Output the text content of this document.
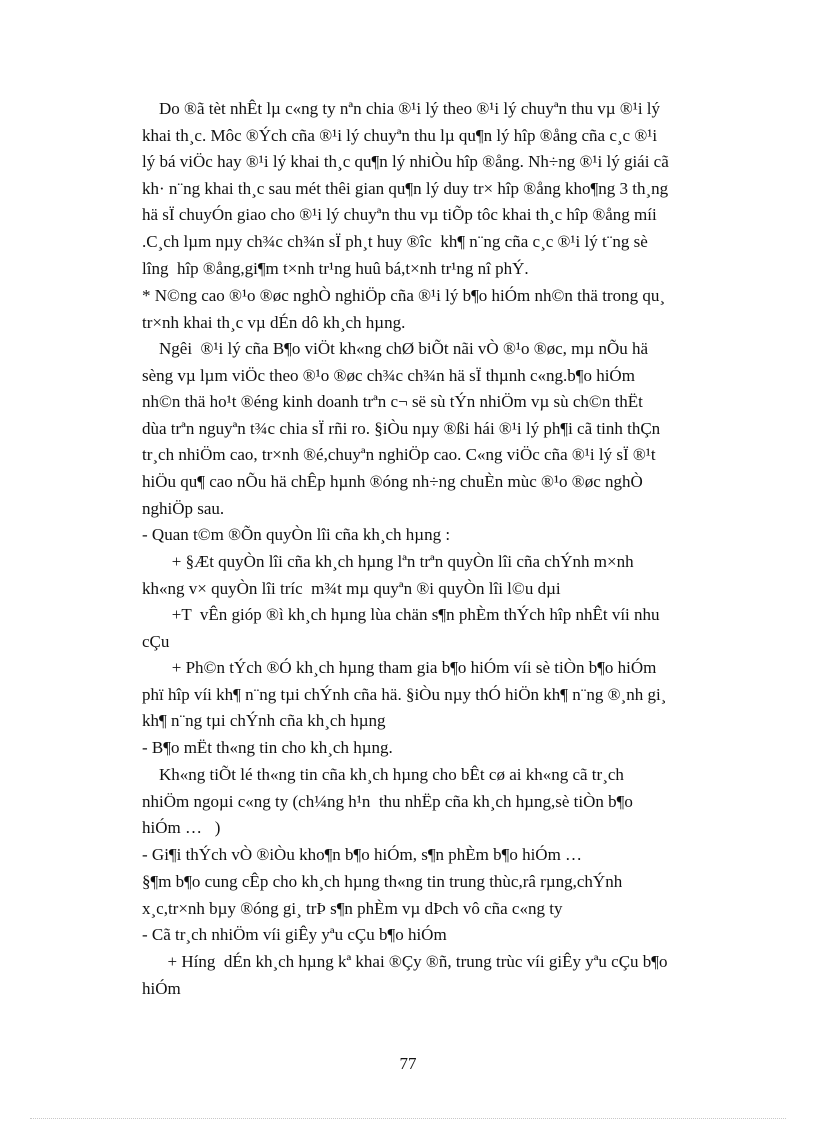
Do ®ã tèt nhÊt lµ c«ng ty nªn chia ®¹i lý theo ®¹i lý chuyªn thu vµ ®¹i lý
khai th¸c. Môc ®Ých cña ®¹i lý chuyªn thu lµ qu¶n lý hîp ®ång cña c¸c ®¹i
lý bá viÖc hay ®¹i lý khai th¸c qu¶n lý nhiÒu hîp ®ång. Nh÷ng ®¹i lý giái cã
kh· n¨ng khai th¸c sau mét thêi gian qu¶n lý duy tr× hîp ®ång kho¶ng 3 th¸ng
hä sÏ chuyÓn giao cho ®¹i lý chuyªn thu vµ tiÕp tôc khai th¸c hîp ®ång míi
.C¸ch lµm nµy ch¾c ch¾n sÏ ph¸t huy ®îc  kh¶ n¨ng cña c¸c ®¹i lý t¨ng sè
lîng  hîp ®ång,gi¶m t×nh tr¹ng huû bá,t×nh tr¹ng nî phÝ.

* N©ng cao ®¹o ®øc nghÒ nghiÖp cña ®¹i lý b¶o hiÓm nh©n thä trong qu¸
tr×nh khai th¸c vµ dÉn dô kh¸ch hµng.

Ngêi  ®¹i lý cña B¶o viÖt kh«ng chØ biÕt nãi vÒ ®¹o ®øc, mµ nÕu hä
sèng vµ lµm viÖc theo ®¹o ®øc ch¾c ch¾n hä sÏ thµnh c«ng.b¶o hiÓm
nh©n thä ho¹t ®éng kinh doanh trªn c¬ së sù tÝn nhiÖm vµ sù ch©n thËt
dùa trªn nguyªn t¾c chia sÏ rñi ro. §iÒu nµy ®ßi hái ®¹i lý ph¶i cã tinh thÇn
tr¸ch nhiÖm cao, tr×nh ®é,chuyªn nghiÖp cao. C«ng viÖc cña ®¹i lý sÏ ®¹t
hiÖu qu¶ cao nÕu hä chÊp hµnh ®óng nh÷ng chuÈn mùc ®¹o ®øc nghÒ
nghiÖp sau.

- Quan t©m ®Õn quyÒn lîi cña kh¸ch hµng :

+ §Æt quyÒn lîi cña kh¸ch hµng lªn trªn quyÒn lîi cña chÝnh m×nh
kh«ng v× quyÒn lîi tríc  m¾t mµ quyªn ®i quyÒn lîi l©u dµi

+T  vÊn gióp ®ì kh¸ch hµng lùa chän s¶n phÈm thÝch hîp nhÊt víi nhu
cÇu

+ Ph©n tÝch ®Ó kh¸ch hµng tham gia b¶o hiÓm víi sè tiÒn b¶o hiÓm
phï hîp víi kh¶ n¨ng tµi chÝnh cña hä. §iÒu nµy thÓ hiÖn kh¶ n¨ng ®¸nh gi¸
kh¶ n¨ng tµi chÝnh cña kh¸ch hµng

- B¶o mËt th«ng tin cho kh¸ch hµng.

Kh«ng tiÕt lé th«ng tin cña kh¸ch hµng cho bÊt cø ai kh«ng cã tr¸ch
nhiÖm ngoµi c«ng ty (ch¼ng h¹n  thu nhËp cña kh¸ch hµng,sè tiÒn b¶o
hiÓm …   )

- Gi¶i thÝch vÒ ®iÒu kho¶n b¶o hiÓm, s¶n phÈm b¶o hiÓm …

§¶m b¶o cung cÊp cho kh¸ch hµng th«ng tin trung thùc,râ rµng,chÝnh
x¸c,tr×nh bµy ®óng gi¸ trÞ s¶n phÈm vµ dÞch vô cña c«ng ty

- Cã tr¸ch nhiÖm víi giÊy yªu cÇu b¶o hiÓm

+ Híng  dÉn kh¸ch hµng kª khai ®Çy ®ñ, trung trùc víi giÊy yªu cÇu b¶o
hiÓm

77
